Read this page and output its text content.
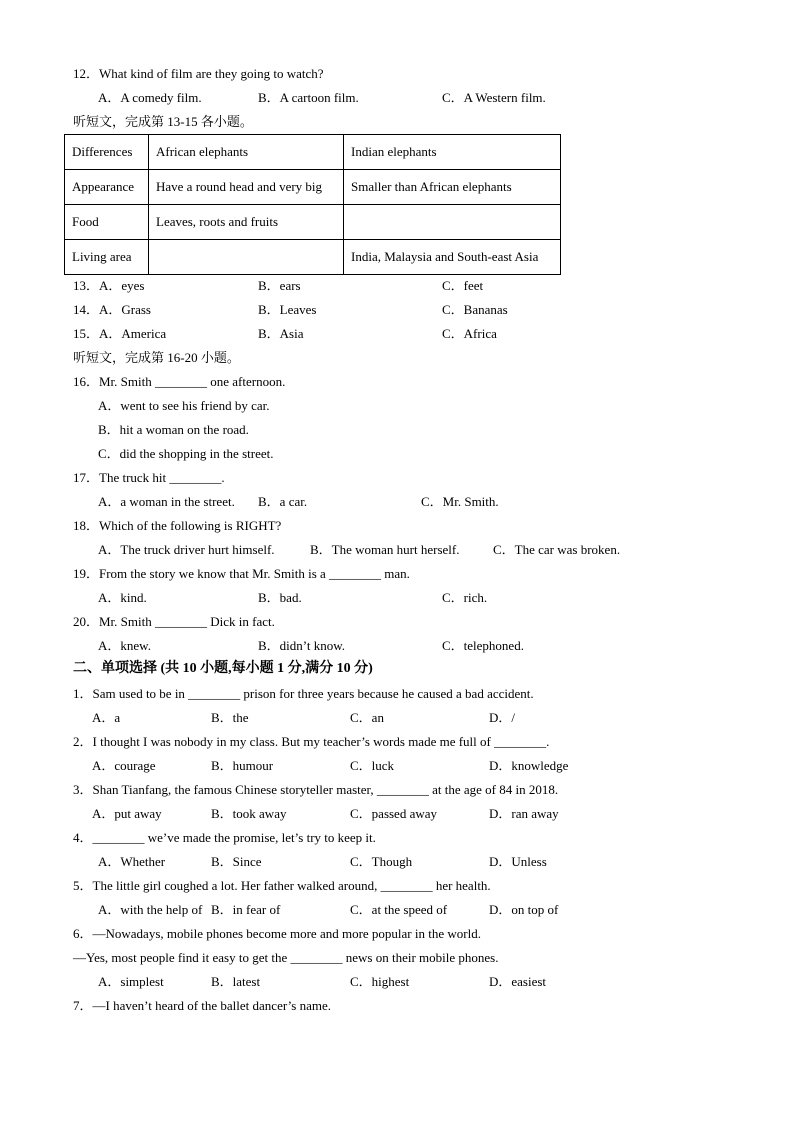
12．What kind of film are they going to watch?
A．A comedy film.	B．A cartoon film.	C．A Western film.
听短文，完成第 13-15 各小题。
Differences	African elephants	Indian elephants
Appearance	Have a round head and very big	Smaller than African elephants
Food	Leaves, roots and fruits	
Living area		India, Malaysia and South-east Asia
13．A．eyes	B．ears	C．feet
14．A．Grass	B．Leaves	C．Bananas
15．A．America	B．Asia	C．Africa
听短文，完成第 16-20 小题。
16．Mr. Smith ________ one afternoon.
A．went to see his friend by car.
B．hit a woman on the road.
C．did the shopping in the street.
17．The truck hit ________.
A．a woman in the street. B．a car.	C．Mr. Smith.
18．Which of the following is RIGHT?
A．The truck driver hurt himself.	B．The woman hurt herself.	C．The car was broken.
19．From the story we know that Mr. Smith is a ________ man.
A．kind.	B．bad.	C．rich.
20．Mr. Smith ________ Dick in fact.
A．knew.	B．didn’t know.	C．telephoned.
二、单项选择 (共 10 小题,每小题 1 分,满分 10 分)
1．Sam used to be in ________ prison for three years because he caused a bad accident.
A．a	B．the	C．an	D．/
2．I thought I was nobody in my class. But my teacher’s words made me full of ________.
A．courage	B．humour	C．luck	D．knowledge
3．Shan Tianfang, the famous Chinese storyteller master, ________ at the age of 84 in 2018.
A．put away	B．took away	C．passed away	D．ran away
4．________ we’ve made the promise, let’s try to keep it.
A．Whether	B．Since	C．Though	D．Unless
5．The little girl coughed a lot. Her father walked around, ________ her health.
A．with the help of B．in fear of	C．at the speed of	D．on top of
6．—Nowadays, mobile phones become more and more popular in the world.
—Yes, most people find it easy to get the ________ news on their mobile phones.
A．simplest	B．latest	C．highest	D．easiest
7．—I haven’t heard of the ballet dancer’s name.
